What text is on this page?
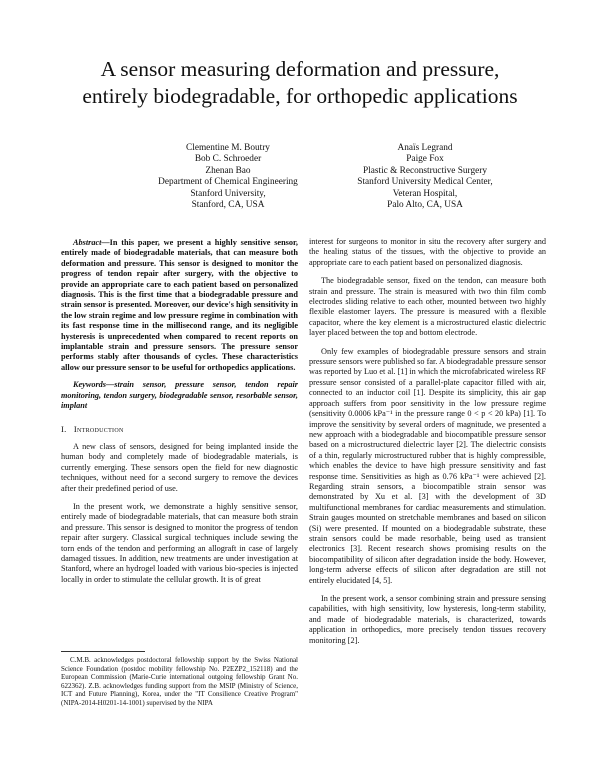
A sensor measuring deformation and pressure,
entirely biodegradable, for orthopedic applications
Clementine M. Boutry
Bob C. Schroeder
Zhenan Bao
Department of Chemical Engineering
Stanford University,
Stanford, CA, USA
Anaïs Legrand
Paige Fox
Plastic & Reconstructive Surgery
Stanford University Medical Center,
Veteran Hospital,
Palo Alto, CA, USA

Abstract—In this paper, we present a highly sensitive sensor, entirely made of biodegradable materials, that can measure both deformation and pressure. This sensor is designed to monitor the progress of tendon repair after surgery, with the objective to provide an appropriate care to each patient based on personalized diagnosis. This is the first time that a biodegradable pressure and strain sensor is presented. Moreover, our device's high sensitivity in the low strain regime and low pressure regime in combination with its fast response time in the millisecond range, and its negligible hysteresis is unprecedented when compared to recent reports on implantable strain and pressure sensors. The pressure sensor performs stably after thousands of cycles. These characteristics allow our pressure sensor to be useful for orthopedics applications.

Keywords—strain sensor, pressure sensor, tendon repair monitoring, tendon surgery, biodegradable sensor, resorbable sensor, implant

I. Introduction

A new class of sensors, designed for being implanted inside the human body and completely made of biodegradable materials, is currently emerging. These sensors open the field for new diagnostic techniques, without need for a second surgery to remove the devices after their predefined period of use.

In the present work, we demonstrate a highly sensitive sensor, entirely made of biodegradable materials, that can measure both strain and pressure. This sensor is designed to monitor the progress of tendon repair after surgery. Classical surgical techniques include sewing the torn ends of the tendon and performing an allograft in case of largely damaged tissues. In addition, new treatments are under investigation at Stanford, where an hydrogel loaded with various bio-species is injected locally in order to stimulate the cellular growth. It is of great

interest for surgeons to monitor in situ the recovery after surgery and the healing status of the tissues, with the objective to provide an appropriate care to each patient based on personalized diagnosis.

The biodegradable sensor, fixed on the tendon, can measure both strain and pressure. The strain is measured with two thin film comb electrodes sliding relative to each other, mounted between two highly flexible elastomer layers. The pressure is measured with a flexible capacitor, where the key element is a microstructured elastic dielectric layer placed between the top and bottom electrode.

Only few examples of biodegradable pressure sensors and strain pressure sensors were published so far. A biodegradable pressure sensor was reported by Luo et al. [1] in which the microfabricated wireless RF pressure sensor consisted of a parallel-plate capacitor filled with air, connected to an inductor coil [1]. Despite its simplicity, this air gap approach suffers from poor sensitivity in the low pressure regime (sensitivity 0.0006 kPa⁻¹ in the pressure range 0 < p < 20 kPa) [1]. To improve the sensitivity by several orders of magnitude, we presented a new approach with a biodegradable and biocompatible pressure sensor based on a microstructured dielectric layer [2]. The dielectric consists of a thin, regularly microstructured rubber that is highly compressible, which enables the device to have high pressure sensitivity and fast response time. Sensitivities as high as 0.76 kPa⁻¹ were achieved [2]. Regarding strain sensors, a biocompatible strain sensor was demonstrated by Xu et al. [3] with the development of 3D multifunctional membranes for cardiac measurements and stimulation. Strain gauges mounted on stretchable membranes and based on silicon (Si) were presented. If mounted on a biodegradable substrate, these strain sensors could be made resorbable, being used as transient electronics [3]. Recent research shows promising results on the biocompatibility of silicon after degradation inside the body. However, long-term adverse effects of silicon after degradation are still not entirely elucidated [4, 5].

In the present work, a sensor combining strain and pressure sensing capabilities, with high sensitivity, low hysteresis, long-term stability, and made of biodegradable materials, is characterized, towards application in orthopedics, more precisely tendon tissues recovery monitoring [2].

C.M.B. acknowledges postdoctoral fellowship support by the Swiss National Science Foundation (postdoc mobility fellowship No. P2EZP2_152118) and the European Commission (Marie-Curie international outgoing fellowship Grant No. 622362). Z.B. acknowledges funding support from the MSIP (Ministry of Science, ICT and Future Planning), Korea, under the "IT Consilience Creative Program" (NIPA-2014-H0201-14-1001) supervised by the NIPA
